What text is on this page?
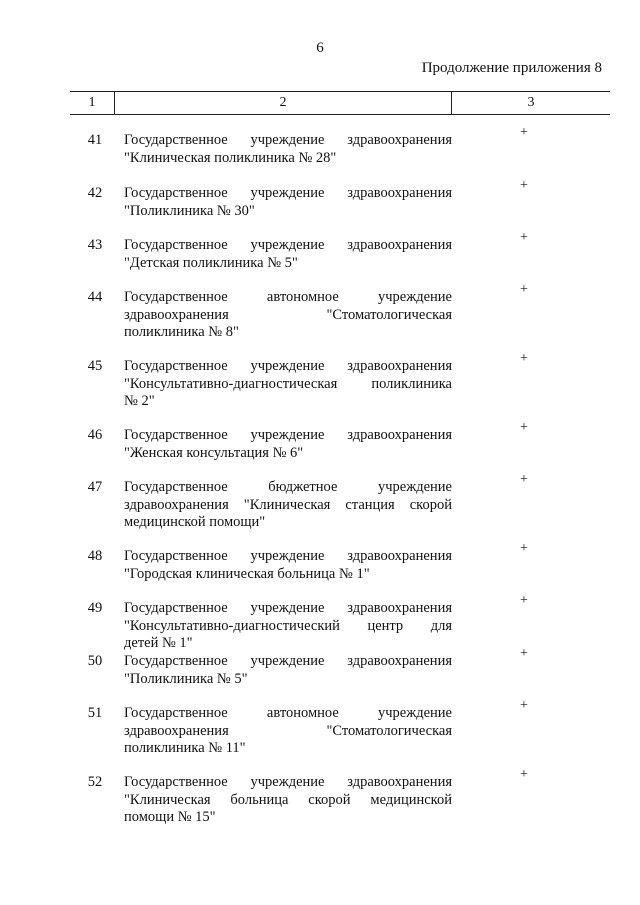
6
Продолжение приложения 8
1	2	3
41	Государственное учреждение здравоохранения
"Клиническая поликлиника № 28"
+
42	Государственное учреждение здравоохранения
"Поликлиника № 30"
+
43	Государственное учреждение здравоохранения
"Детская поликлиника № 5"
+
44	Государственное автономное учреждение
здравоохранения "Стоматологическая
поликлиника № 8"
+
45	Государственное учреждение здравоохранения
"Консультативно-диагностическая поликлиника
№ 2"
+
46	Государственное учреждение здравоохранения
"Женская консультация № 6"
+
47	Государственное бюджетное учреждение
здравоохранения "Клиническая станция скорой
медицинской помощи"
+
48	Государственное учреждение здравоохранения
"Городская клиническая больница № 1"
+
49	Государственное учреждение здравоохранения
"Консультативно-диагностический центр для
детей № 1"
+
50	Государственное учреждение здравоохранения
"Поликлиника № 5"
+
51	Государственное автономное учреждение
здравоохранения "Стоматологическая
поликлиника № 11"
+
52	Государственное учреждение здравоохранения
"Клиническая больница скорой медицинской
помощи № 15"
+
